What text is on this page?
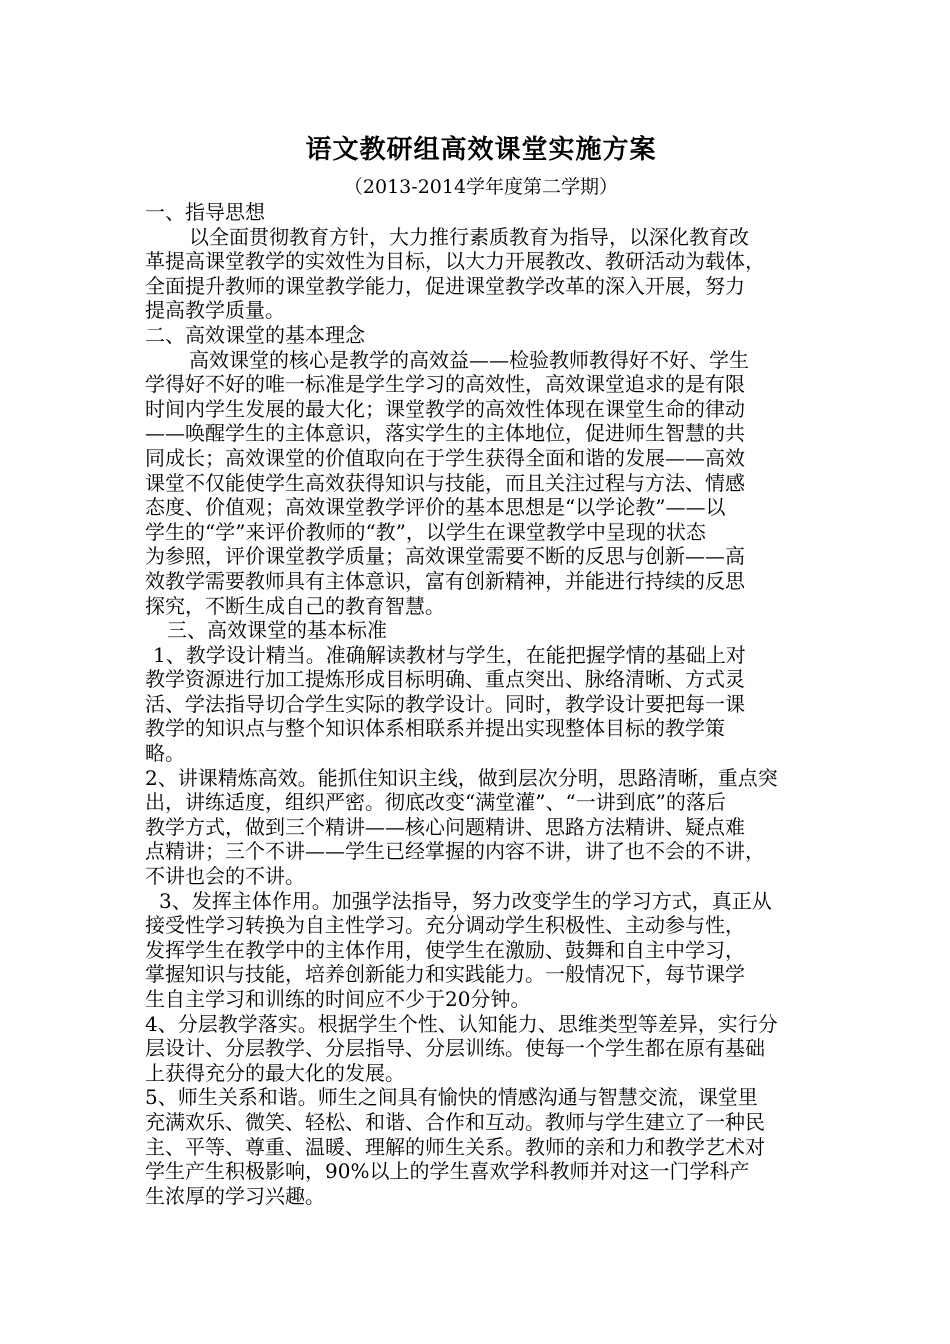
语文教研组高效课堂实施方案
（2013-2014学年度第二学期）
一、指导思想
以全面贯彻教育方针，大力推行素质教育为指导，以深化教育改
革提高课堂教学的实效性为目标，以大力开展教改、教研活动为载体，
全面提升教师的课堂教学能力，促进课堂教学改革的深入开展，努力
提高教学质量。
二、高效课堂的基本理念
高效课堂的核心是教学的高效益——检验教师教得好不好、学生
学得好不好的唯一标准是学生学习的高效性，高效课堂追求的是有限
时间内学生发展的最大化；课堂教学的高效性体现在课堂生命的律动
——唤醒学生的主体意识，落实学生的主体地位，促进师生智慧的共
同成长；高效课堂的价值取向在于学生获得全面和谐的发展——高效
课堂不仅能使学生高效获得知识与技能，而且关注过程与方法、情感
态度、价值观；高效课堂教学评价的基本思想是“以学论教”——以
学生的“学”来评价教师的“教”，以学生在课堂教学中呈现的状态
为参照，评价课堂教学质量；高效课堂需要不断的反思与创新——高
效教学需要教师具有主体意识，富有创新精神，并能进行持续的反思
探究，不断生成自己的教育智慧。
三、高效课堂的基本标准
1、教学设计精当。准确解读教材与学生，在能把握学情的基础上对
教学资源进行加工提炼形成目标明确、重点突出、脉络清晰、方式灵
活、学法指导切合学生实际的教学设计。同时，教学设计要把每一课
教学的知识点与整个知识体系相联系并提出实现整体目标的教学策
略。
2、讲课精炼高效。能抓住知识主线，做到层次分明，思路清晰，重点突
出，讲练适度，组织严密。彻底改变“满堂灌”、“一讲到底”的落后
教学方式，做到三个精讲——核心问题精讲、思路方法精讲、疑点难
点精讲；三个不讲——学生已经掌握的内容不讲，讲了也不会的不讲，
不讲也会的不讲。
3、发挥主体作用。加强学法指导，努力改变学生的学习方式，真正从
接受性学习转换为自主性学习。充分调动学生积极性、主动参与性，
发挥学生在教学中的主体作用，使学生在激励、鼓舞和自主中学习，
掌握知识与技能，培养创新能力和实践能力。一般情况下，每节课学
生自主学习和训练的时间应不少于20分钟。
4、分层教学落实。根据学生个性、认知能力、思维类型等差异，实行分
层设计、分层教学、分层指导、分层训练。使每一个学生都在原有基础
上获得充分的最大化的发展。
5、师生关系和谐。师生之间具有愉快的情感沟通与智慧交流，课堂里
充满欢乐、微笑、轻松、和谐、合作和互动。教师与学生建立了一种民
主、平等、尊重、温暖、理解的师生关系。教师的亲和力和教学艺术对
学生产生积极影响，90%以上的学生喜欢学科教师并对这一门学科产
生浓厚的学习兴趣。
